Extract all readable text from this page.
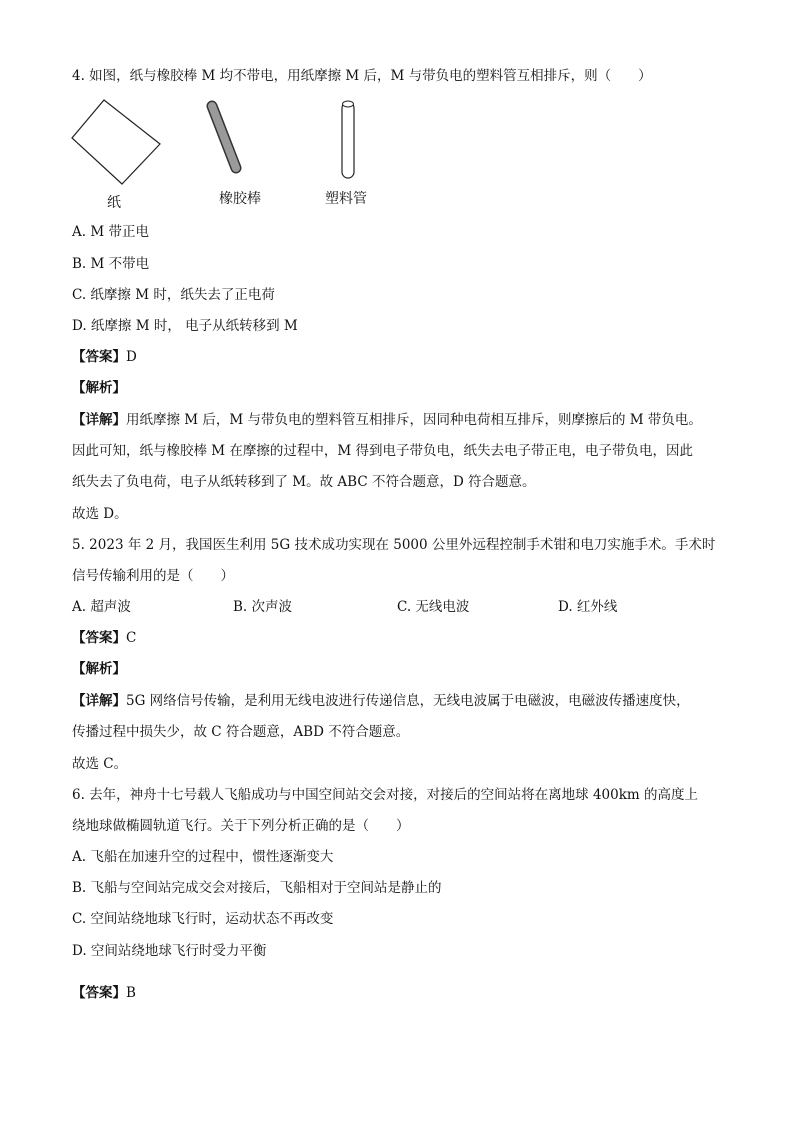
4. 如图，纸与橡胶棒 M 均不带电，用纸摩擦 M 后，M 与带负电的塑料管互相排斥，则（　　）
纸	橡胶棒	塑料管
A. M 带正电
B. M 不带电
C. 纸摩擦 M 时，纸失去了正电荷
D. 纸摩擦 M 时， 电子从纸转移到 M
【答案】D
【解析】
【详解】用纸摩擦 M 后，M 与带负电的塑料管互相排斥，因同种电荷相互排斥，则摩擦后的 M 带负电。
因此可知，纸与橡胶棒 M 在摩擦的过程中，M 得到电子带负电，纸失去电子带正电，电子带负电，因此
纸失去了负电荷，电子从纸转移到了 M。故 ABC 不符合题意，D 符合题意。
故选 D。
5. 2023 年 2 月，我国医生利用 5G 技术成功实现在 5000 公里外远程控制手术钳和电刀实施手术。手术时
信号传输利用的是（　　）
A. 超声波	B. 次声波	C. 无线电波	D. 红外线
【答案】C
【解析】
【详解】5G 网络信号传输，是利用无线电波进行传递信息，无线电波属于电磁波，电磁波传播速度快，
传播过程中损失少，故 C 符合题意，ABD 不符合题意。
故选 C。
6. 去年，神舟十七号载人飞船成功与中国空间站交会对接，对接后的空间站将在离地球 400km 的高度上
绕地球做椭圆轨道飞行。关于下列分析正确的是（　　）
A. 飞船在加速升空的过程中，惯性逐渐变大
B. 飞船与空间站完成交会对接后，飞船相对于空间站是静止的
C. 空间站绕地球飞行时，运动状态不再改变
D. 空间站绕地球飞行时受力平衡
【答案】B
